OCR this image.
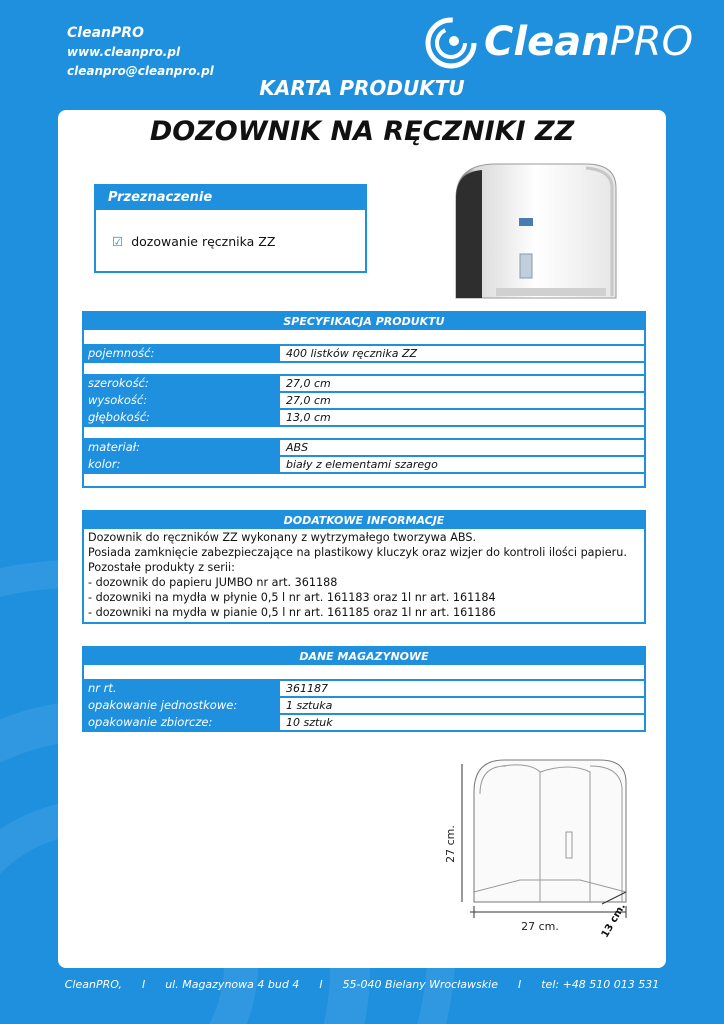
CleanPRO
www.cleanpro.pl
cleanpro@cleanpro.pl
CleanPRO
KARTA PRODUKTU
DOZOWNIK NA RĘCZNIKI ZZ
Przeznaczenie
☑ dozowanie ręcznika ZZ
SPECYFIKACJA PRODUKTU
pojemność:	400 listków ręcznika ZZ
szerokość:	27,0 cm
wysokość:	27,0 cm
głębokość:	13,0 cm
materiał:	ABS
kolor:	biały z elementami szarego
DODATKOWE INFORMACJE
Dozownik do ręczników ZZ wykonany z wytrzymałego tworzywa ABS.
Posiada zamknięcie zabezpieczające na plastikowy kluczyk oraz wizjer do kontroli ilości papieru.
Pozostałe produkty z serii:
- dozownik do papieru JUMBO nr art. 361188
- dozowniki na mydła w płynie 0,5 l nr art. 161183 oraz 1l nr art. 161184
- dozowniki na mydła w pianie 0,5 l nr art. 161185 oraz 1l nr art. 161186
DANE MAGAZYNOWE
nr rt.	361187
opakowanie jednostkowe:	1 sztuka
opakowanie zbiorcze:	10 sztuk
27 cm.
27 cm.	13 cm.
CleanPRO, I ul. Magazynowa 4 bud 4 I 55-040 Bielany Wrocławskie I tel: +48 510 013 531
